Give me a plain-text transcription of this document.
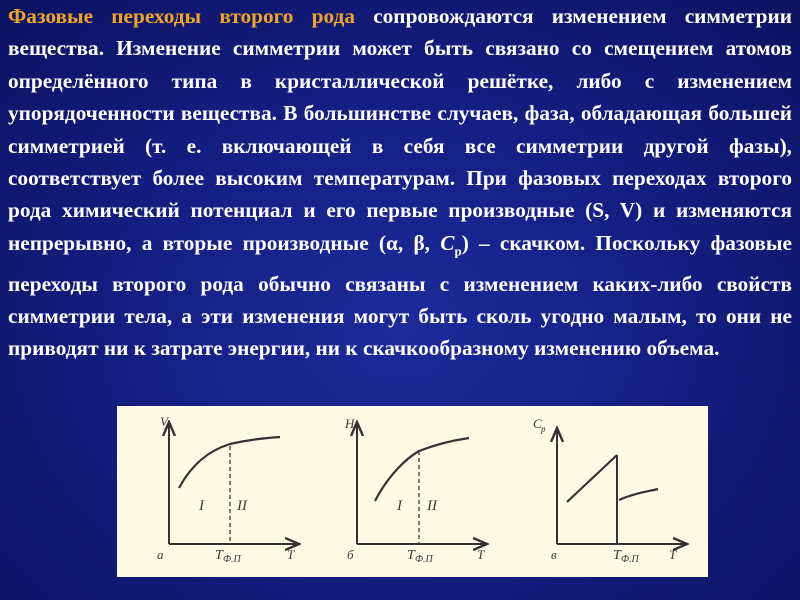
Фазовые переходы второго рода сопровождаются изменением симметрии вещества. Изменение симметрии может быть связано со смещением атомов определённого типа в кристаллической решётке, либо с изменением упорядоченности вещества. В большинстве случаев, фаза, обладающая большей симметрией (т. е. включающей в себя все симметрии другой фазы), соответствует более высоким температурам. При фазовых переходах второго рода химический потенциал и его первые производные (S, V) и изменяются непрерывно, а вторые производные (α, β, $C_p$) – скачком. Поскольку фазовые переходы второго рода обычно связаны с изменением каких-либо свойств симметрии тела, а эти изменения могут быть сколь угодно малым, то они не приводят ни к затрате энергии, ни к скачкообразному изменению объема.

V
I II
а	T Ф.П	T
H
I II
б	T Ф.П	T
C p
в	T Ф.П T
